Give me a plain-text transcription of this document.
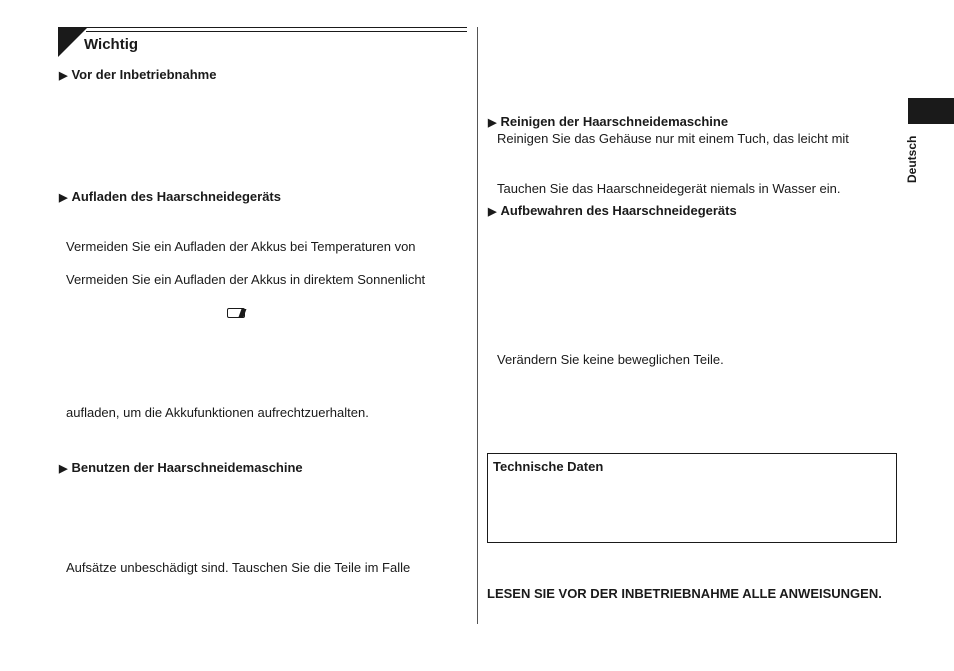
Wichtig
▶ Vor der Inbetriebnahme
▶ Aufladen des Haarschneidegeräts
Vermeiden Sie ein Aufladen der Akkus bei Temperaturen von
Vermeiden Sie ein Aufladen der Akkus in direktem Sonnenlicht
aufladen, um die Akkufunktionen aufrechtzuerhalten.
▶ Benutzen der Haarschneidemaschine
Aufsätze unbeschädigt sind. Tauschen Sie die Teile im Falle
▶ Reinigen der Haarschneidemaschine
Reinigen Sie das Gehäuse nur mit einem Tuch, das leicht mit
Tauchen Sie das Haarschneidegerät niemals in Wasser ein.
▶ Aufbewahren des Haarschneidegeräts
Verändern Sie keine beweglichen Teile.
Technische Daten
LESEN SIE VOR DER INBETRIEBNAHME ALLE ANWEISUNGEN.
Deutsch
